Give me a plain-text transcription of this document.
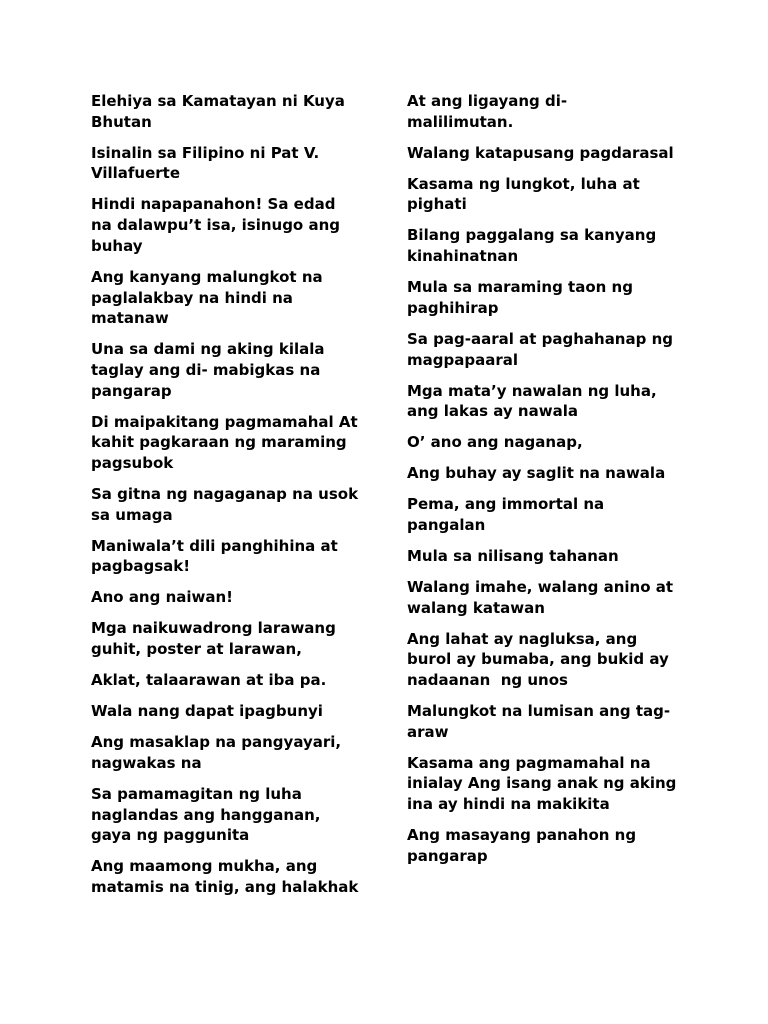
Elehiya sa Kamatayan ni Kuya
Bhutan

Isinalin sa Filipino ni Pat V.
Villafuerte

Hindi napapanahon! Sa edad
na dalawpu’t isa, isinugo ang
buhay

Ang kanyang malungkot na
paglalakbay na hindi na
matanaw

Una sa dami ng aking kilala
taglay ang di- mabigkas na
pangarap

Di maipakitang pagmamahal At
kahit pagkaraan ng maraming
pagsubok

Sa gitna ng nagaganap na usok
sa umaga

Maniwala’t dili panghihina at
pagbagsak!

Ano ang naiwan!

Mga naikuwadrong larawang
guhit, poster at larawan,

Aklat, talaarawan at iba pa.

Wala nang dapat ipagbunyi

Ang masaklap na pangyayari,
nagwakas na

Sa pamamagitan ng luha
naglandas ang hangganan,
gaya ng paggunita

Ang maamong mukha, ang
matamis na tinig, ang halakhak

At ang ligayang di-
malilimutan.

Walang katapusang pagdarasal

Kasama ng lungkot, luha at
pighati

Bilang paggalang sa kanyang
kinahinatnan

Mula sa maraming taon ng
paghihirap

Sa pag-aaral at paghahanap ng
magpapaaral

Mga mata’y nawalan ng luha,
ang lakas ay nawala

O’ ano ang naganap,

Ang buhay ay saglit na nawala

Pema, ang immortal na
pangalan

Mula sa nilisang tahanan

Walang imahe, walang anino at
walang katawan

Ang lahat ay nagluksa, ang
burol ay bumaba, ang bukid ay
nadaanan  ng unos

Malungkot na lumisan ang tag-
araw

Kasama ang pagmamahal na
inialay Ang isang anak ng aking
ina ay hindi na makikita

Ang masayang panahon ng
pangarap
